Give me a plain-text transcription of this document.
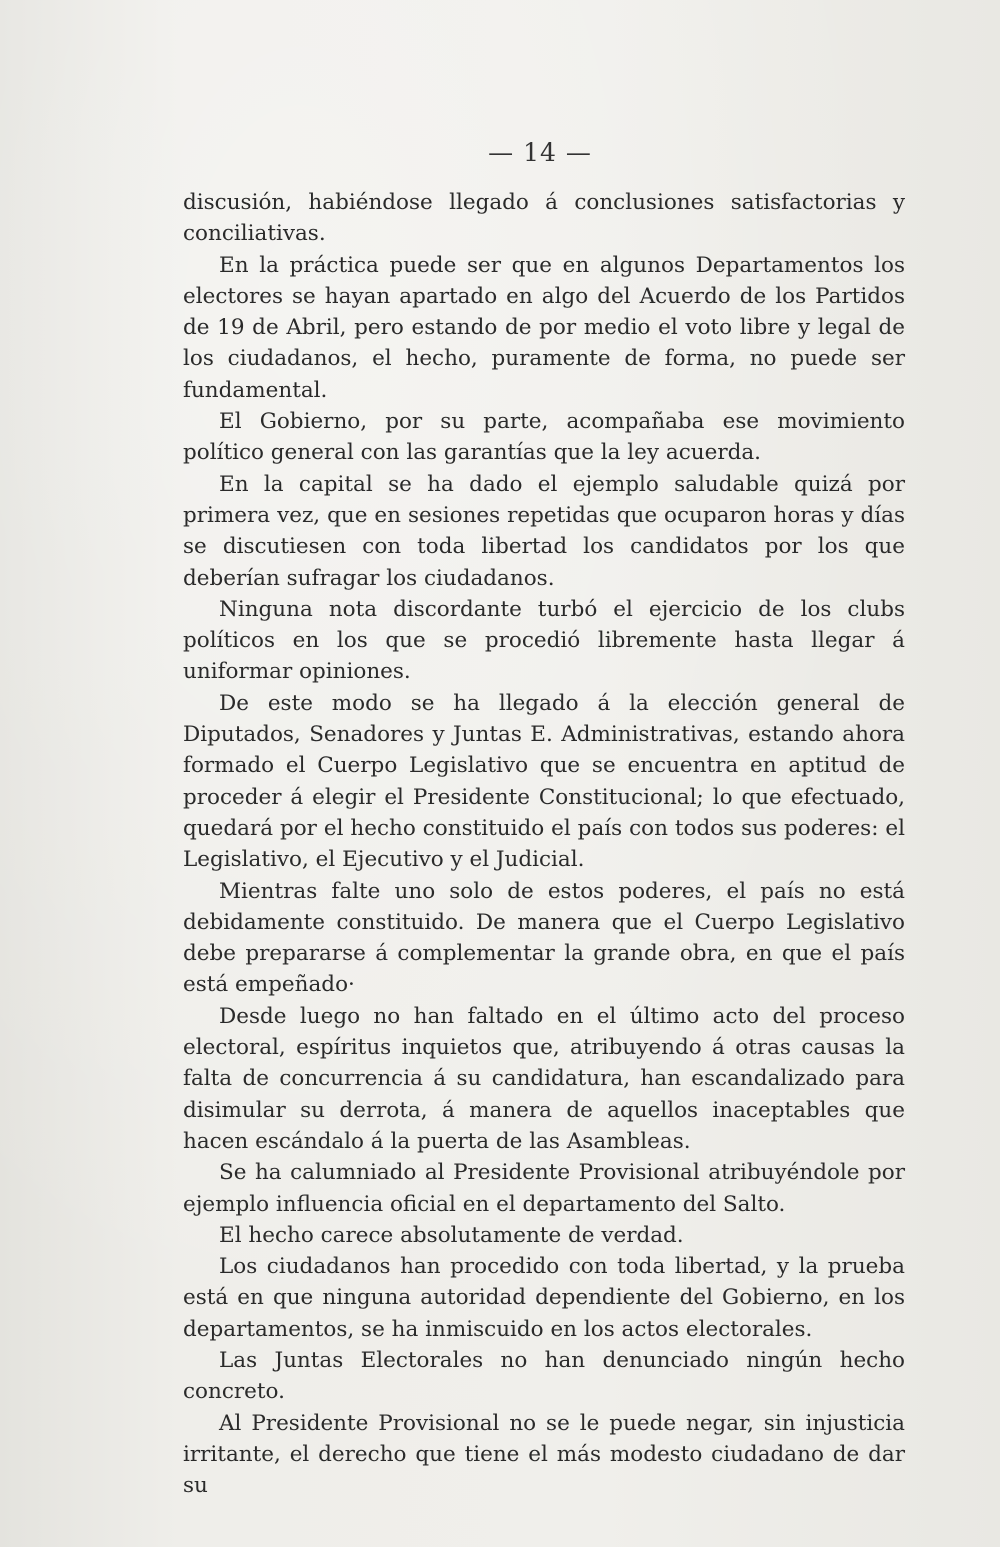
— 14 —

discusión, habiéndose llegado á conclusiones satisfactorias y conciliativas.

En la práctica puede ser que en algunos Departamentos los electores se hayan apartado en algo del Acuerdo de los Partidos de 19 de Abril, pero estando de por medio el voto libre y legal de los ciudadanos, el hecho, puramente de forma, no puede ser fundamental.

El Gobierno, por su parte, acompañaba ese movimiento político general con las garantías que la ley acuerda.

En la capital se ha dado el ejemplo saludable quizá por primera vez, que en sesiones repetidas que ocuparon horas y días se discutiesen con toda libertad los candidatos por los que deberían sufragar los ciudadanos.

Ninguna nota discordante turbó el ejercicio de los clubs políticos en los que se procedió libremente hasta llegar á uniformar opiniones.

De este modo se ha llegado á la elección general de Diputados, Senadores y Juntas E. Administrativas, estando ahora formado el Cuerpo Legislativo que se encuentra en aptitud de proceder á elegir el Presidente Constitucional; lo que efectuado, quedará por el hecho constituido el país con todos sus poderes: el Legislativo, el Ejecutivo y el Judicial.

Mientras falte uno solo de estos poderes, el país no está debidamente constituido. De manera que el Cuerpo Legislativo debe prepararse á complementar la grande obra, en que el país está empeñado·

Desde luego no han faltado en el último acto del proceso electoral, espíritus inquietos que, atribuyendo á otras causas la falta de concurrencia á su candidatura, han escandalizado para disimular su derrota, á manera de aquellos inaceptables que hacen escándalo á la puerta de las Asambleas.

Se ha calumniado al Presidente Provisional atribuyéndole por ejemplo influencia oficial en el departamento del Salto.

El hecho carece absolutamente de verdad.

Los ciudadanos han procedido con toda libertad, y la prueba está en que ninguna autoridad dependiente del Gobierno, en los departamentos, se ha inmiscuido en los actos electorales.

Las Juntas Electorales no han denunciado ningún hecho concreto.

Al Presidente Provisional no se le puede negar, sin injusticia irritante, el derecho que tiene el más modesto ciudadano de dar su
